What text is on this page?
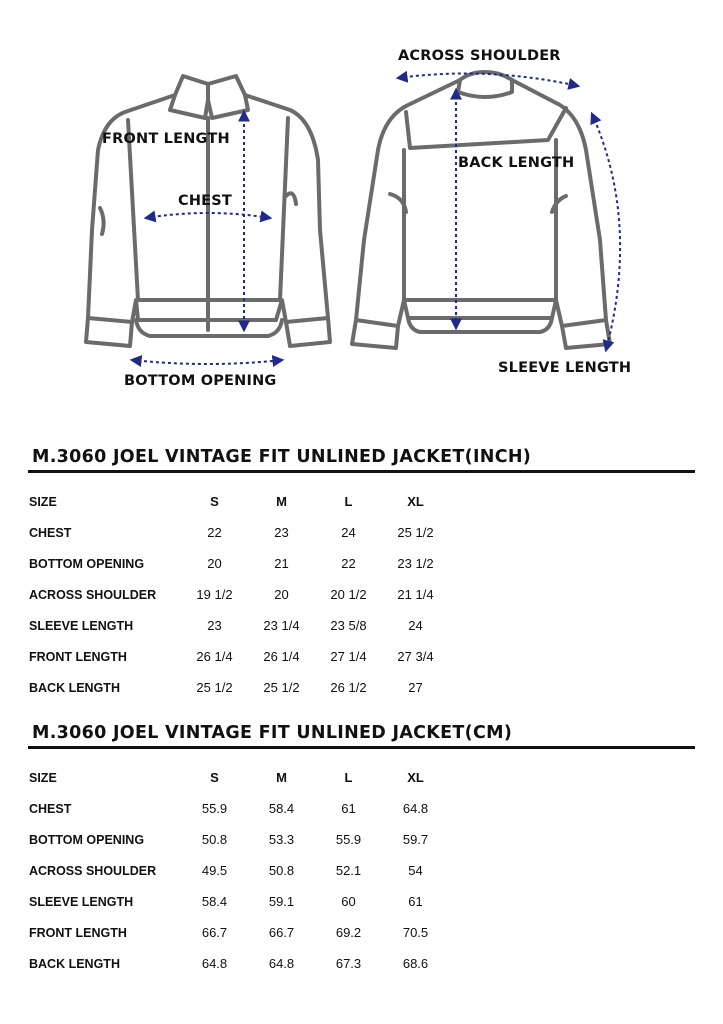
FRONT LENGTH
CHEST
BOTTOM OPENING
ACROSS SHOULDER
BACK LENGTH
SLEEVE LENGTH
M.3060 JOEL VINTAGE FIT UNLINED JACKET(INCH)
SIZE	S	M	L	XL
CHEST	22	23	24	25 1/2
BOTTOM OPENING	20	21	22	23 1/2
ACROSS SHOULDER	19 1/2	20	20 1/2	21 1/4
SLEEVE LENGTH	23	23 1/4	23 5/8	24
FRONT LENGTH	26 1/4	26 1/4	27 1/4	27 3/4
BACK LENGTH	25 1/2	25 1/2	26 1/2	27
M.3060 JOEL VINTAGE FIT UNLINED JACKET(CM)
SIZE	S	M	L	XL
CHEST	55.9	58.4	61	64.8
BOTTOM OPENING	50.8	53.3	55.9	59.7
ACROSS SHOULDER	49.5	50.8	52.1	54
SLEEVE LENGTH	58.4	59.1	60	61
FRONT LENGTH	66.7	66.7	69.2	70.5
BACK LENGTH	64.8	64.8	67.3	68.6
